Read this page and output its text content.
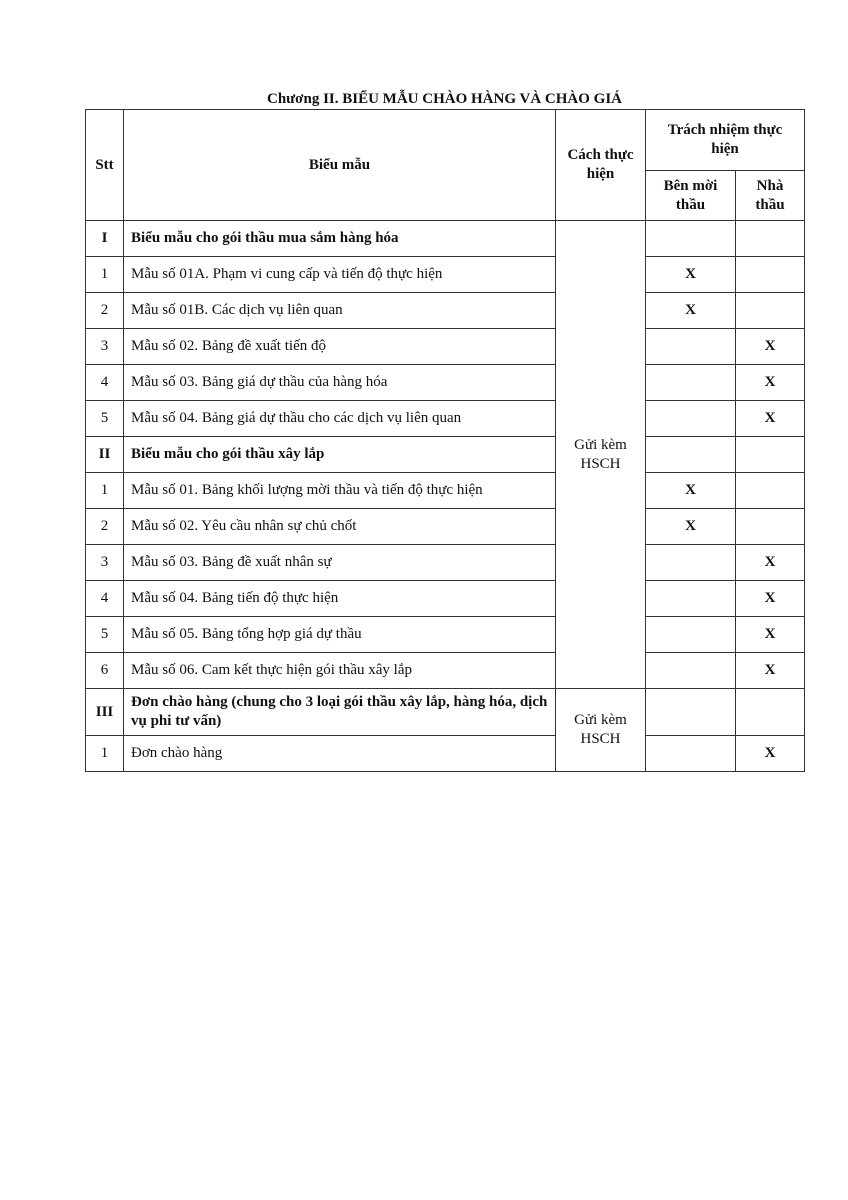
Chương II. BIỂU MẪU CHÀO HÀNG VÀ CHÀO GIÁ
Stt	Biểu mẫu	Cách thực hiện	Trách nhiệm thực hiện	
			Bên mời thầu	Nhà thầu
I	Biểu mẫu cho gói thầu mua sắm hàng hóa	Gửi kèm HSCH		
1	Mẫu số 01A. Phạm vi cung cấp và tiến độ thực hiện		X	
2	Mẫu số 01B. Các dịch vụ liên quan		X	
3	Mẫu số 02. Bảng đề xuất tiến độ			X
4	Mẫu số 03. Bảng giá dự thầu của hàng hóa			X
5	Mẫu số 04. Bảng giá dự thầu cho các dịch vụ liên quan			X
II	Biểu mẫu cho gói thầu xây lắp			
1	Mẫu số 01. Bảng khối lượng mời thầu và tiến độ thực hiện		X	
2	Mẫu số 02. Yêu cầu nhân sự chủ chốt		X	
3	Mẫu số 03. Bảng đề xuất nhân sự			X
4	Mẫu số 04. Bảng tiến độ thực hiện			X
5	Mẫu số 05. Bảng tổng hợp giá dự thầu			X
6	Mẫu số 06. Cam kết thực hiện gói thầu xây lắp			X
III	Đơn chào hàng (chung cho 3 loại gói thầu xây lắp, hàng hóa, dịch vụ phi tư vấn)	Gửi kèm HSCH		
1	Đơn chào hàng			X
